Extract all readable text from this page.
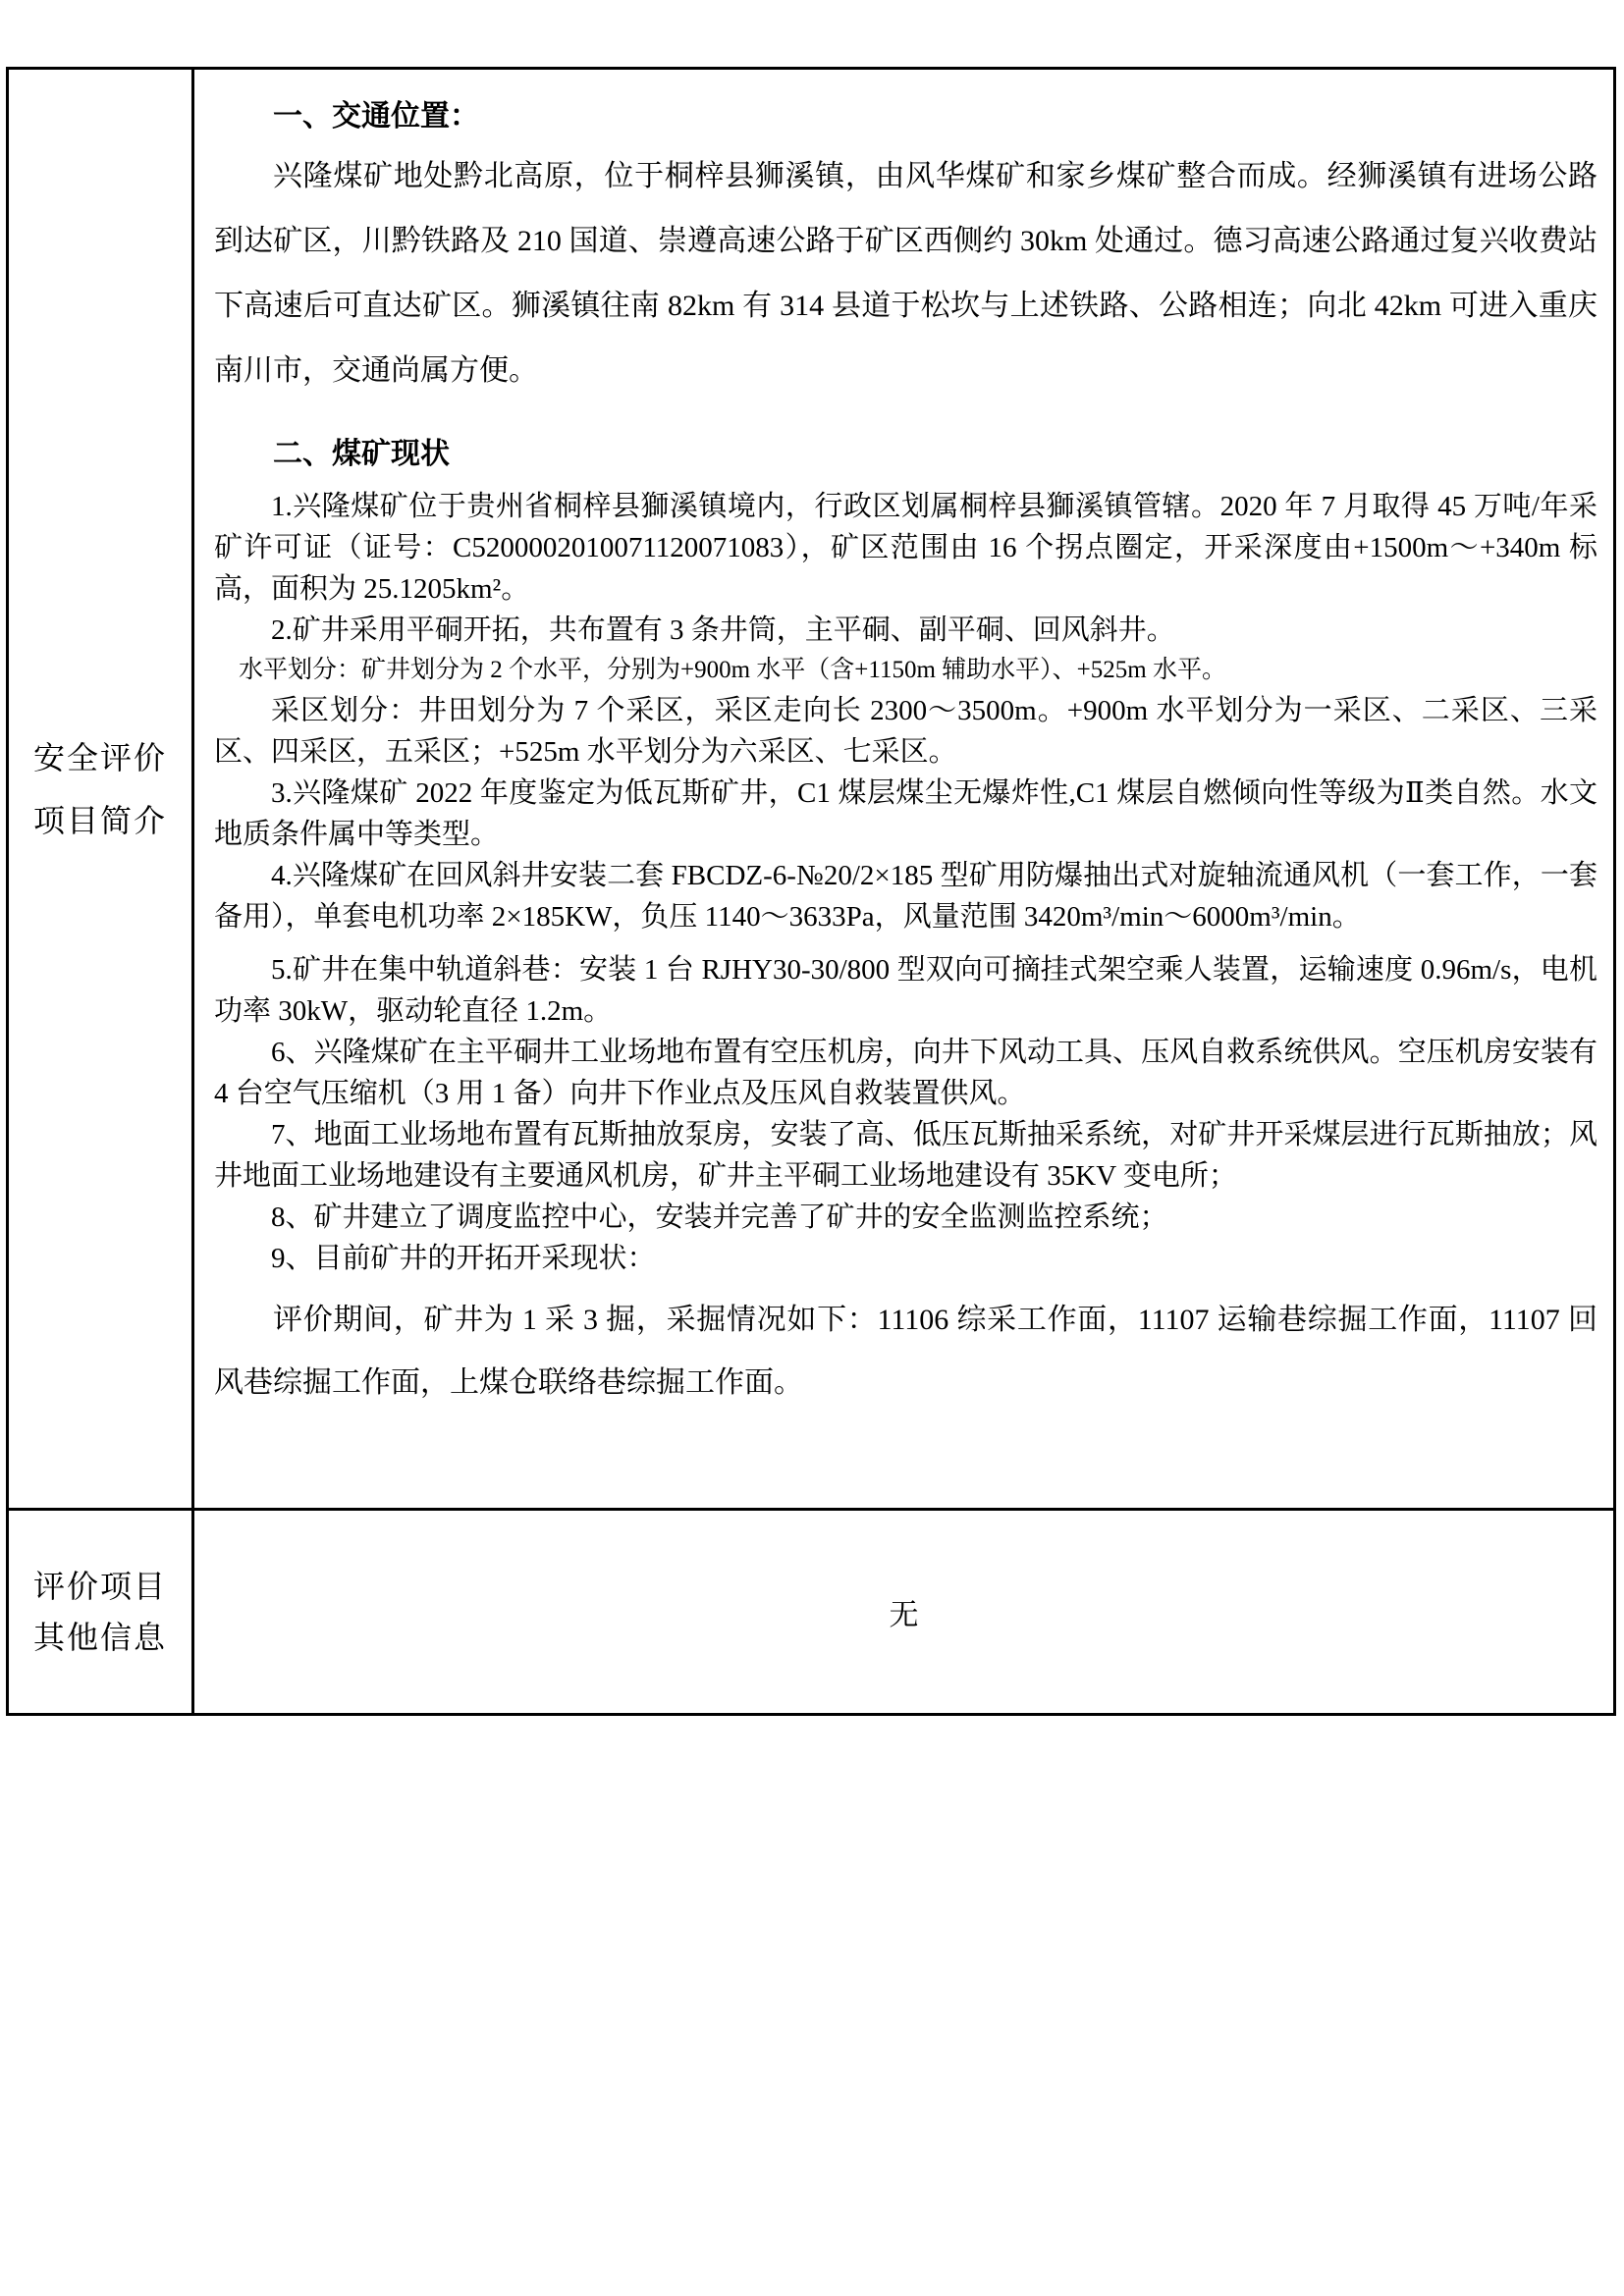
安全评价
项目简介
一、交通位置：

兴隆煤矿地处黔北高原，位于桐梓县狮溪镇，由风华煤矿和家乡煤矿整合而成。经狮溪镇有进场公路到达矿区，川黔铁路及 210 国道、崇遵高速公路于矿区西侧约 30km 处通过。德习高速公路通过复兴收费站下高速后可直达矿区。狮溪镇往南 82km 有 314 县道于松坎与上述铁路、公路相连；向北 42km 可进入重庆南川市，交通尚属方便。

二、煤矿现状

1.兴隆煤矿位于贵州省桐梓县獅溪镇境内，行政区划属桐梓县獅溪镇管辖。2020 年 7 月取得 45 万吨/年采矿许可证（证号：C5200002010071120071083），矿区范围由 16 个拐点圈定，开采深度由+1500m～+340m 标高，面积为 25.1205km²。

2.矿井采用平硐开拓，共布置有 3 条井筒，主平硐、副平硐、回风斜井。

水平划分：矿井划分为 2 个水平，分别为+900m 水平（含+1150m 辅助水平）、+525m 水平。

采区划分：井田划分为 7 个采区，采区走向长 2300～3500m。+900m 水平划分为一采区、二采区、三采区、四采区，五采区；+525m 水平划分为六采区、七采区。

3.兴隆煤矿 2022 年度鉴定为低瓦斯矿井，C1 煤层煤尘无爆炸性,C1 煤层自燃倾向性等级为Ⅱ类自然。水文地质条件属中等类型。

4.兴隆煤矿在回风斜井安装二套 FBCDZ-6-№20/2×185 型矿用防爆抽出式对旋轴流通风机（一套工作，一套备用），单套电机功率 2×185KW，负压 1140～3633Pa，风量范围 3420m³/min～6000m³/min。

5.矿井在集中轨道斜巷：安装 1 台 RJHY30-30/800 型双向可摘挂式架空乘人装置，运输速度 0.96m/s，电机功率 30kW，驱动轮直径 1.2m。

6、兴隆煤矿在主平硐井工业场地布置有空压机房，向井下风动工具、压风自救系统供风。空压机房安装有 4 台空气压缩机（3 用 1 备）向井下作业点及压风自救装置供风。

7、地面工业场地布置有瓦斯抽放泵房，安装了高、低压瓦斯抽采系统，对矿井开采煤层进行瓦斯抽放；风井地面工业场地建设有主要通风机房，矿井主平硐工业场地建设有 35KV 变电所；

8、矿井建立了调度监控中心，安装并完善了矿井的安全监测监控系统；

9、目前矿井的开拓开采现状：

评价期间，矿井为 1 采 3 掘，采掘情况如下：11106 综采工作面，11107 运输巷综掘工作面，11107 回风巷综掘工作面，上煤仓联络巷综掘工作面。

评价项目
其他信息
无
